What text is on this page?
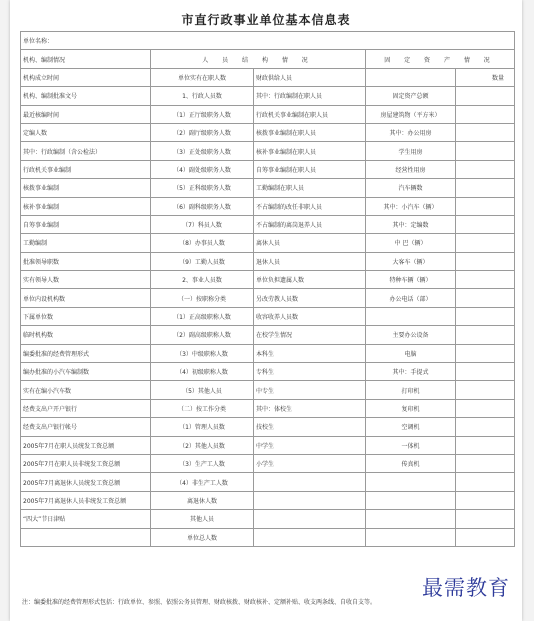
市直行政事业单位基本信息表
单位名称：				
机构、编制情况	人 员 结 构 情 况		固 定 资 产 情 况	
机构成立时间	单位实有在职人数	财政供给人员		数量
机构、编制批准文号	1、行政人员数	其中：行政编制在职人员	固定资产总额	
最近核编时间	（1）正厅级职务人数	行政机关事业编制在职人员	房屋建筑物（平方米）	
定编人数	（2）副厅级职务人数	核拨事业编制在职人员	其中：办公用房	
其中：行政编制（含公检法）	（3）正处级职务人数	核补事业编制在职人员	学生用房	
行政机关事业编制	（4）副处级职务人数	自筹事业编制在职人员	经营性用房	
核拨事业编制	（5）正科级职务人数	工勤编制在职人员	汽车辆数	
核补事业编制	（6）副科级职务人数	不占编制的改任非职人员	其中：小汽车（辆）	
自筹事业编制	（7）科员人数	不占编制的离岗退养人员	其中：定编数	
工勤编制	（8）办事员人数	离休人员	中 巴（辆）	
批准领导职数	（9）工勤人员数	退休人员	大客车（辆）	
实有领导人数	2、事业人员数	单位负担遗属人数	特种车辆（辆）	
单位内设机构数	（一）按职称分类	另改劳教人员数	办公电话（部）	
下属单位数	（1）正高级职称人数	收容收养人员数		
临时机构数	（2）副高级职称人数	在校学生情况	主要办公设备	
编委批准的经费管理形式	（3）中级职称人数	本科生	电脑	
编办批准的小汽车编制数	（4）初级职称人数	专科生	其中：手提式	
实有在编小汽车数	（5）其他人员	中专生	打印机	
经费支出户开户银行	（二）按工作分类	其中：体校生	复印机	
经费支出户银行帐号	（1）管理人员数	技校生	空调机	
2005年7月在职人员统发工资总额	（2）其他人员数	中学生	一体机	
2005年7月在职人员非统发工资总额	（3）生产工人数	小学生	传真机	
2005年7月离退休人员统发工资总额	（4）非生产工人数			
2005年7月离退休人员非统发工资总额	离退休人数			
“四大”节日津贴	其他人员			
	单位总人数			
注：编委批准的经费管理形式包括：行政单位、参照、依照公务员管理、财政核拨、财政核补、定额补贴、收支两条线、自收自支等。
最需教育
